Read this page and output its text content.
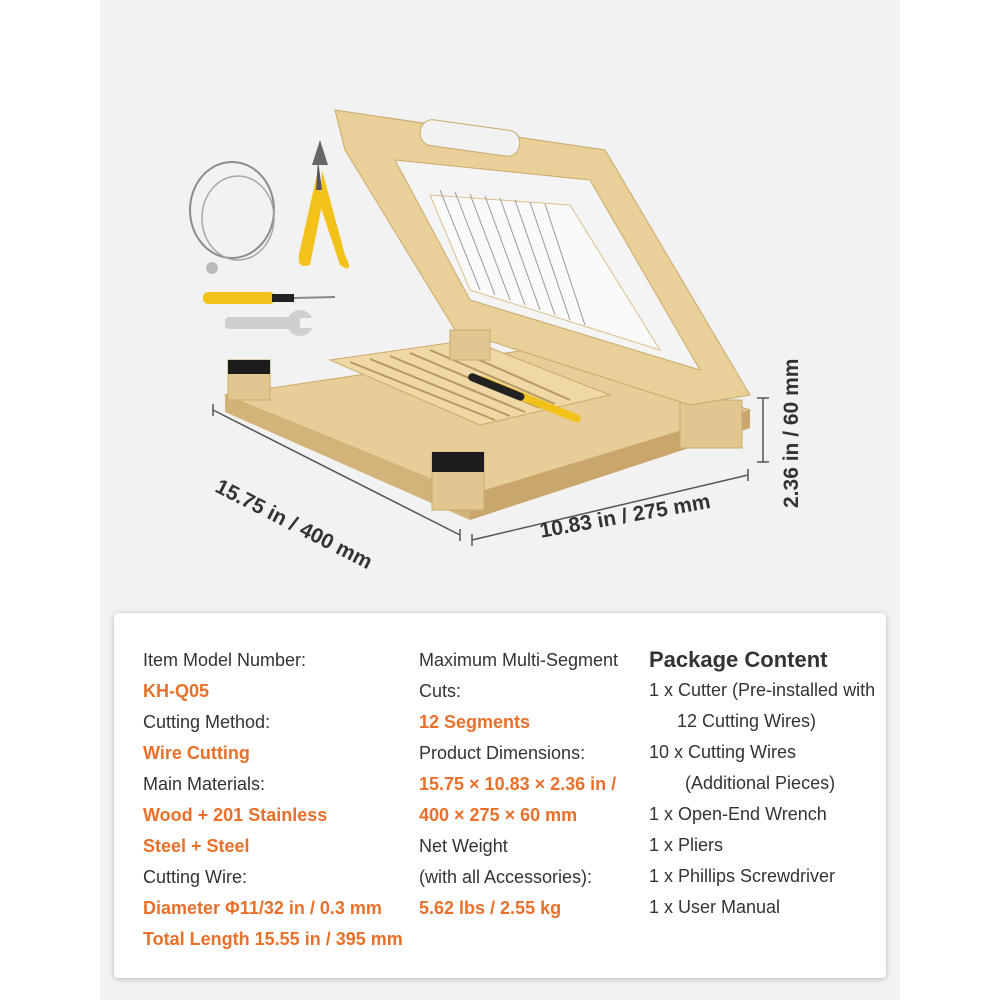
15.75 in / 400 mm	10.83 in / 275 mm
2.36 in / 60 mm
Item Model Number:
KH-Q05
Cutting Method:
Wire Cutting
Main Materials:
Wood + 201 Stainless
Steel + Steel
Cutting Wire:
Diameter Φ11/32 in / 0.3 mm
Total Length 15.55 in / 395 mm
Maximum Multi-Segment
Cuts:
12 Segments
Product Dimensions:
15.75 × 10.83 × 2.36 in /
400 × 275 × 60 mm
Net Weight
(with all Accessories):
5.62 lbs / 2.55 kg
Package Content
1 x Cutter (Pre-installed with
12 Cutting Wires)
10 x Cutting Wires
(Additional Pieces)
1 x Open-End Wrench
1 x Pliers
1 x Phillips Screwdriver
1 x User Manual
